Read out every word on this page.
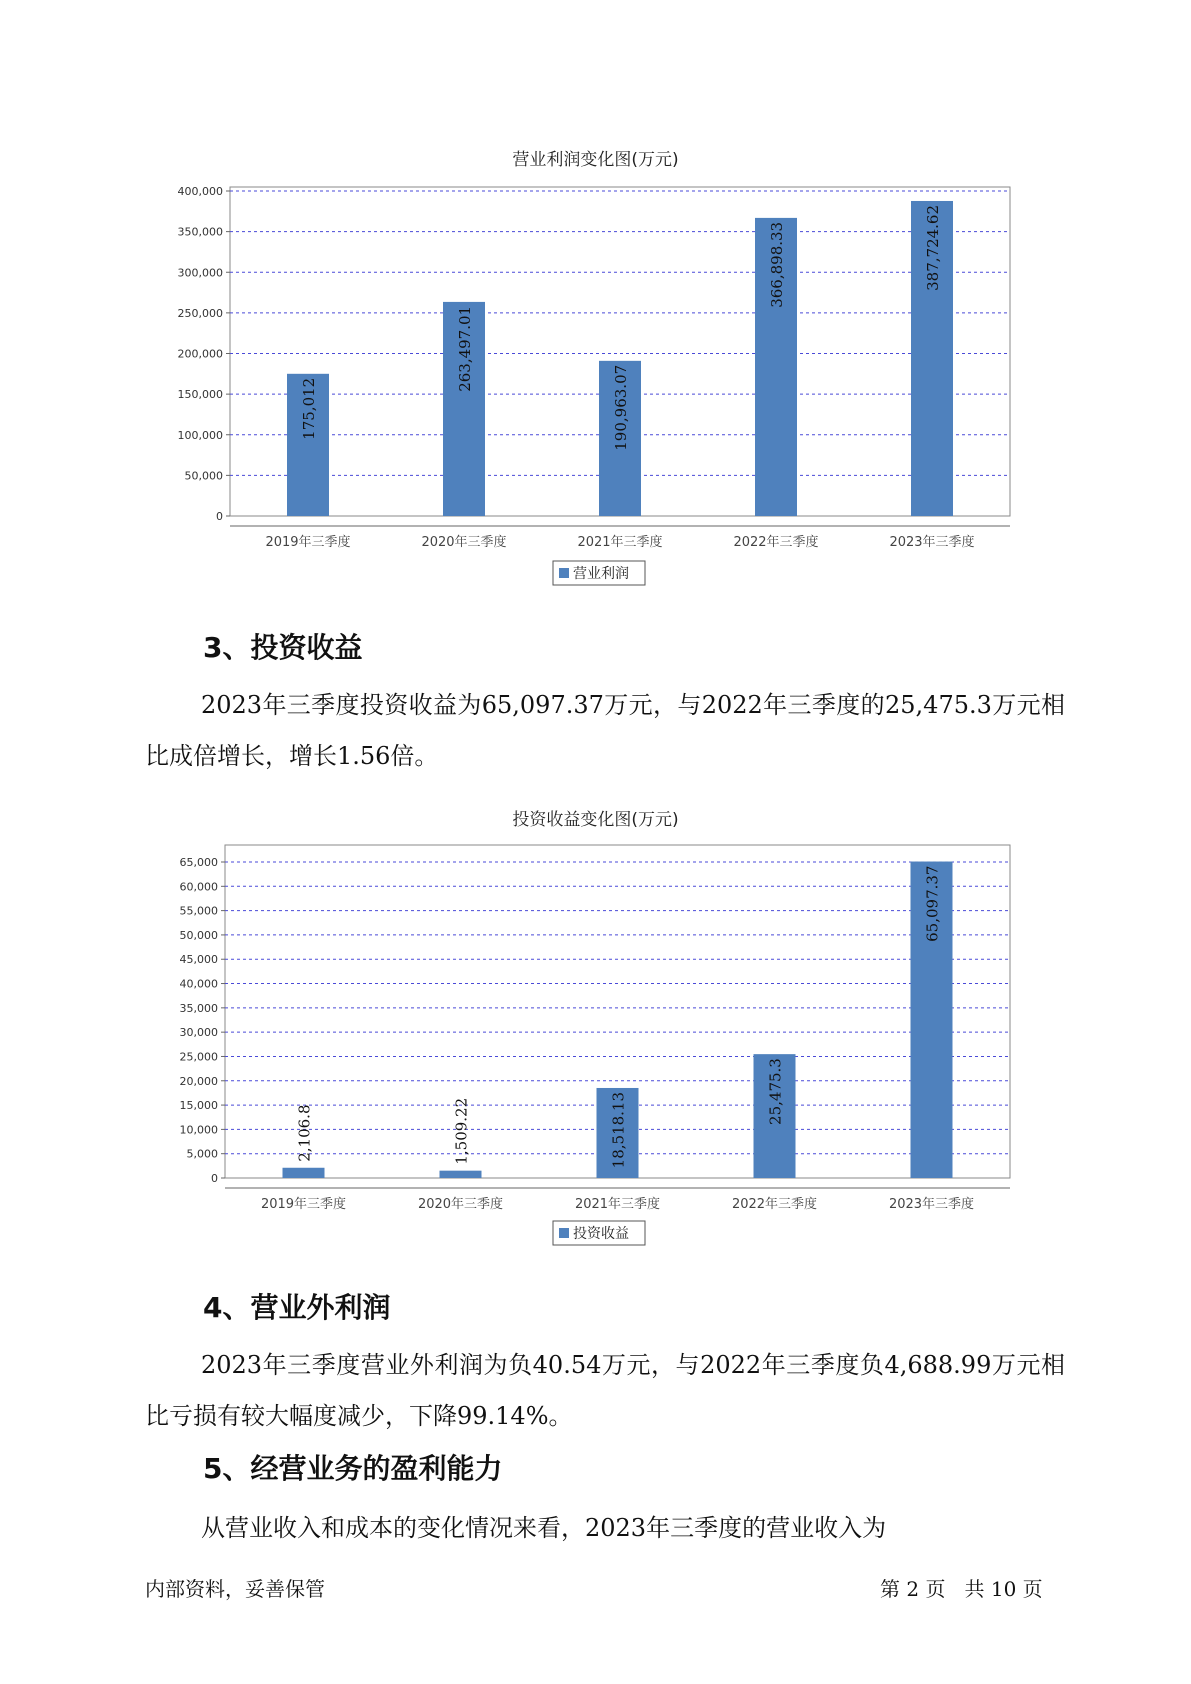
营业利润变化图(万元)
0
50,000
100,000
150,000
200,000
250,000
300,000
350,000
400,000
175,012
2019年三季度
263,497.01
2020年三季度
190,963.07
2021年三季度
366,898.33
2022年三季度
387,724.62
2023年三季度
营业利润
3、投资收益

2023年三季度投资收益为65,097.37万元，与2022年三季度的25,475.3万元相比成倍增长，增长1.56倍。

投资收益变化图(万元)
0
5,000
10,000
15,000
20,000
25,000
30,000
35,000
40,000
45,000
50,000
55,000
60,000
65,000
2,106.8
2019年三季度
1,509.22
2020年三季度
18,518.13
2021年三季度
25,475.3
2022年三季度
65,097.37
2023年三季度
投资收益
4、营业外利润

2023年三季度营业外利润为负40.54万元，与2022年三季度负4,688.99万元相比亏损有较大幅度减少，下降99.14%。

5、经营业务的盈利能力

从营业收入和成本的变化情况来看，2023年三季度的营业收入为

内部资料，妥善保管	第 2 页   共 10 页
